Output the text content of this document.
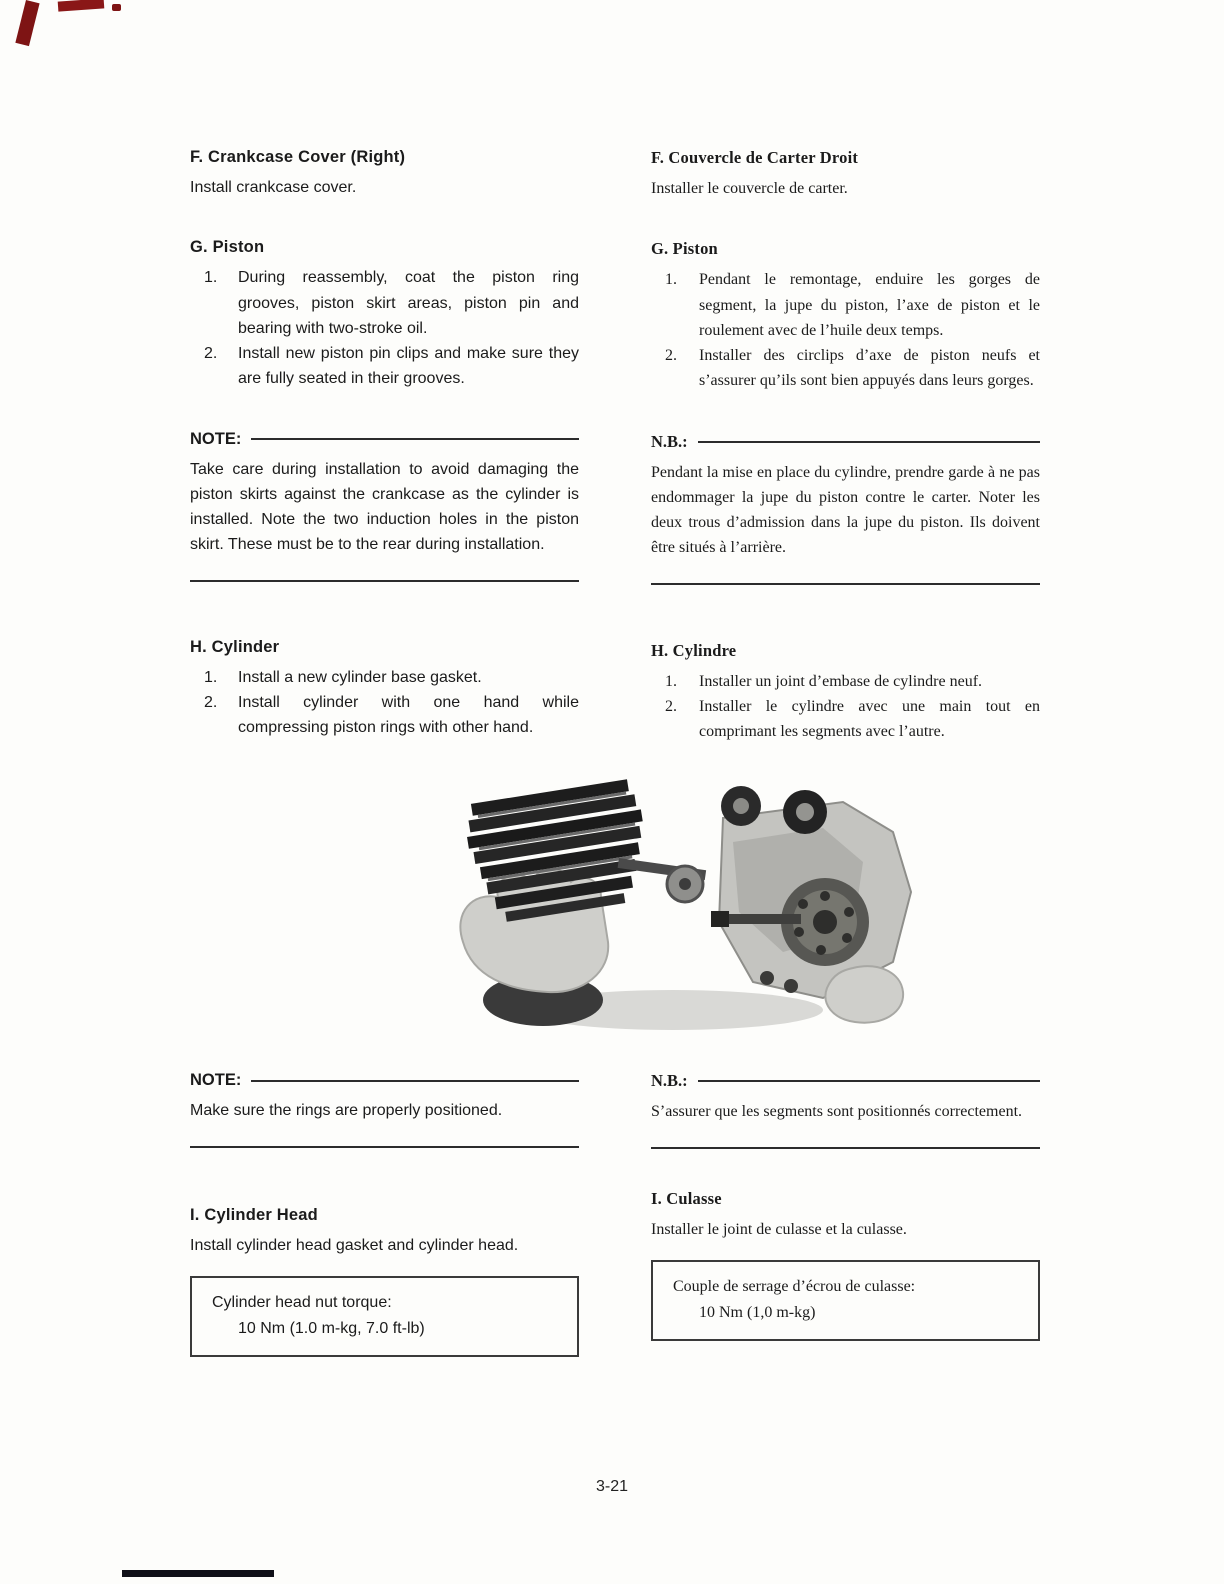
F. Crankcase Cover (Right)

Install crankcase cover.

G. Piston
1.	During reassembly, coat the piston ring grooves, piston skirt areas, piston pin and bearing with two-stroke oil.
2.	Install new piston pin clips and make sure they are fully seated in their grooves.
NOTE:

Take care during installation to avoid damaging the piston skirts against the crankcase as the cylinder is installed. Note the two induction holes in the piston skirt. These must be to the rear during installation.

H. Cylinder
1.	Install a new cylinder base gasket.
2.	Install cylinder with one hand while compressing piston rings with other hand.
F. Couvercle de Carter Droit

Installer le couvercle de carter.

G. Piston
1.	Pendant le remontage, enduire les gorges de segment, la jupe du piston, l’axe de piston et le roulement avec de l’huile deux temps.
2.	Installer des circlips d’axe de piston neufs et s’assurer qu’ils sont bien appuyés dans leurs gorges.
N.B.:

Pendant la mise en place du cylindre, prendre garde à ne pas endommager la jupe du piston contre le carter. Noter les deux trous d’admission dans la jupe du piston. Ils doivent être situés à l’arrière.

H. Cylindre
1.	Installer un joint d’embase de cylindre neuf.
2.	Installer le cylindre avec une main tout en comprimant les segments avec l’autre.
NOTE:

Make sure the rings are properly positioned.

I. Cylinder Head

Install cylinder head gasket and cylinder head.

Cylinder head nut torque:
10 Nm (1.0 m-kg, 7.0 ft-lb)
N.B.:

S’assurer que les segments sont positionnés correctement.

I. Culasse

Installer le joint de culasse et la culasse.

Couple de serrage d’écrou de culasse:
10 Nm (1,0 m-kg)
3-21
